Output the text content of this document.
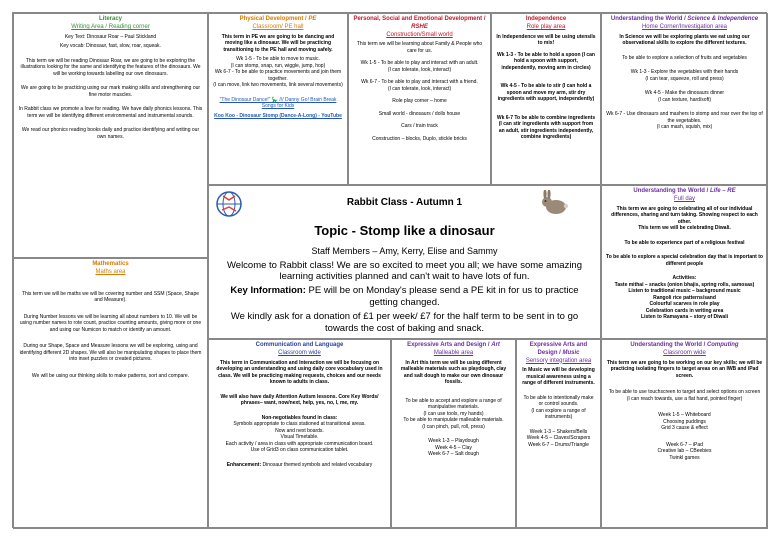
Literacy
Writing Area / Reading corner

Key Text: Dinosaur Roar – Paul Stickland

Key vocab: Dinosaur, fast, slow, roar, squeak.

This term we will be reading Dinosaur Roar, we are going to be exploring the illustrations looking for the same and identifying the features of the dinosaurs. We will be working towards labelling our own dinosaurs.

We are going to be practicing using our mark making skills and strengthening our fine motor muscles.

In Rabbit class we promote a love for reading. We have daily phonics lessons. This term we will be identifying different environmental and instrumental sounds.

We read our phonics reading books daily and practice identifying and writing our own names.

Physical Development / PE
Classroom/ PE hall

This term in PE we are going to be dancing and moving like a dinosaur. We will be practicing transitioning to the PE hall and moving safely.

Wk 1-5 - To be able to move to music.

(I can stomp, snap, run, wiggle, jump, hop)

Wk 6-7 - To be able to practice movements and join them together.

(I can move, link two movements, link several movements)

"The Dinosaur Dance!" 🦕 /// Danny Go! Brain Break Songs for Kids

Koo Koo - Dinosaur Stomp (Dance-A-Long) - YouTube

Personal, Social and Emotional Development / RSHE
Construction/Small world

This term we will be learning about Family & People who care for us.

Wk 1-5 - To be able to play and interact with an adult.

(I can tolerate, look, interact)

Wk 6-7 - To be able to play and interact with a friend.

(I can tolerate, look, interact)

Role play corner – home

Small world - dinosaurs / dolls house

Cars / train track

Construction – blocks, Duplo, stickle bricks

Independence
Role play area

In Independence we will be using utensils to mix!

Wk 1-3 - To be able to hold a spoon (I can hold a spoon with support, independently, moving arm in circles)

Wk 4-5 - To be able to stir (I can hold a spoon and move my arm, stir dry ingredients with support, independently)

Wk 6-7 To be able to combine ingredients (I can stir ingredients with support from an adult, stir ingredients independently, combine ingredients)

Understanding the World / Science & Independence
Home Corner/Investigation area

In Science we will be exploring plants we eat using our observational skills to explore the different textures.

To be able to explore a selection of fruits and vegetables

Wk 1-3 - Explore the vegetables with their hands

(I can tear, squeeze, roll and press)

Wk 4-5 - Make the dinosaurs dinner

(I can texture, hard/soft)

Wk 6-7 - Use dinosaurs and mashers to stomp and roar over the top of the vegetables.

(I can mash, squish, mix)

Rabbit Class - Autumn 1
Topic - Stomp like a dinosaur
Staff Members – Amy, Kerry, Elise and Sammy
Welcome to Rabbit class! We are so excited to meet you all; we have some amazing learning activities planned and can't wait to have lots of fun.
Key Information: PE will be on Monday's please send a PE kit in for us to practice getting changed.
We kindly ask for a donation of £1 per week/ £7 for the half term to be sent in to go towards the cost of baking and snack.
Understanding the World / Life – RE
Full day

This term we are going to celebrating all of our individual differences, sharing and turn taking. Showing respect to each other.

This term we will be celebrating Diwali.

To be able to experience part of a religious festival

To be able to explore a special celebration day that is important to different people

Activities:

Taste mithai – snacks (onion bhajis, spring rolls, samosas)

Listen to traditional music – background music

Rangoli rice patterns/sand

Colourful scarves in role play

Celebration cards in writing area

Listen to Ramayana – story of Diwali

Mathematics
Maths area

This term we will be maths we will be covering number and SSM (Space, Shape and Measure).

During Number lessons we will be learning all about numbers to 10. We will be using number names to rote count, practice counting amounts, giving more or one and using our Numicon to match or identify an amount.

During our Shape, Space and Measure lessons we will be exploring, using and identifying different 2D shapes. We will also be manipulating shapes to place them into inset puzzles or created pictures.

We will be using our thinking skills to make patterns, sort and compare.

Communication and Language
Classroom wide

This term in Communication and Interaction we will be focusing on developing an understanding and using daily core vocabulary used in class. We will be practicing making requests, choices and our needs known to adults in class.

We will also have daily Attention Autism lessons. Core Key Words/ phrases– want, now/next, help, yes, no, I, me, my.

Non-negotiables found in class:

Symbols appropriate to class stationed at transitional areas.

Now and next boards.

Visual Timetable.

Each activity / area in class with appropriate communication board.

Use of Grid3 on class communication tablet.

Enhancement: Dinosaur themed symbols and related vocabulary

Expressive Arts and Design / Art
Malleable area

In Art this term we will be using different malleable materials such as playdough, clay and salt dough to make our own dinosaur fossils.

To be able to accept and explore a range of manipulative materials.

(I can use tools, my hands)

To be able to manipulate malleable materials.

(I can pinch, pull, roll, press)

Week 1-3 – Playdough

Week 4-5 – Clay

Week 6-7 – Salt dough

Expressive Arts and Design / Music
Sensory integration area

In Music we will be developing musical awareness using a range of different instruments.

To be able to intentionally make or control sounds.

(I can explore a range of instruments)

Week 1-3 – Shakers/Bells

Week 4-5 – Claves/Scrapers

Week 6-7 – Drums/Triangle

Understanding the World / Computing
Classroom wide

This term we are going to be working on our key skills; we will be practicing isolating fingers to target areas on an IWB and iPad screen.

To be able to use touchscreen to target and select options on screen

(I can reach towards, use a flat hand, pointed finger)

Week 1-5 – Whiteboard

Choosing puddings

Grid 3 cause & effect

Week 6-7 – iPad

Creative lab – CBeebies

Twinkl games
